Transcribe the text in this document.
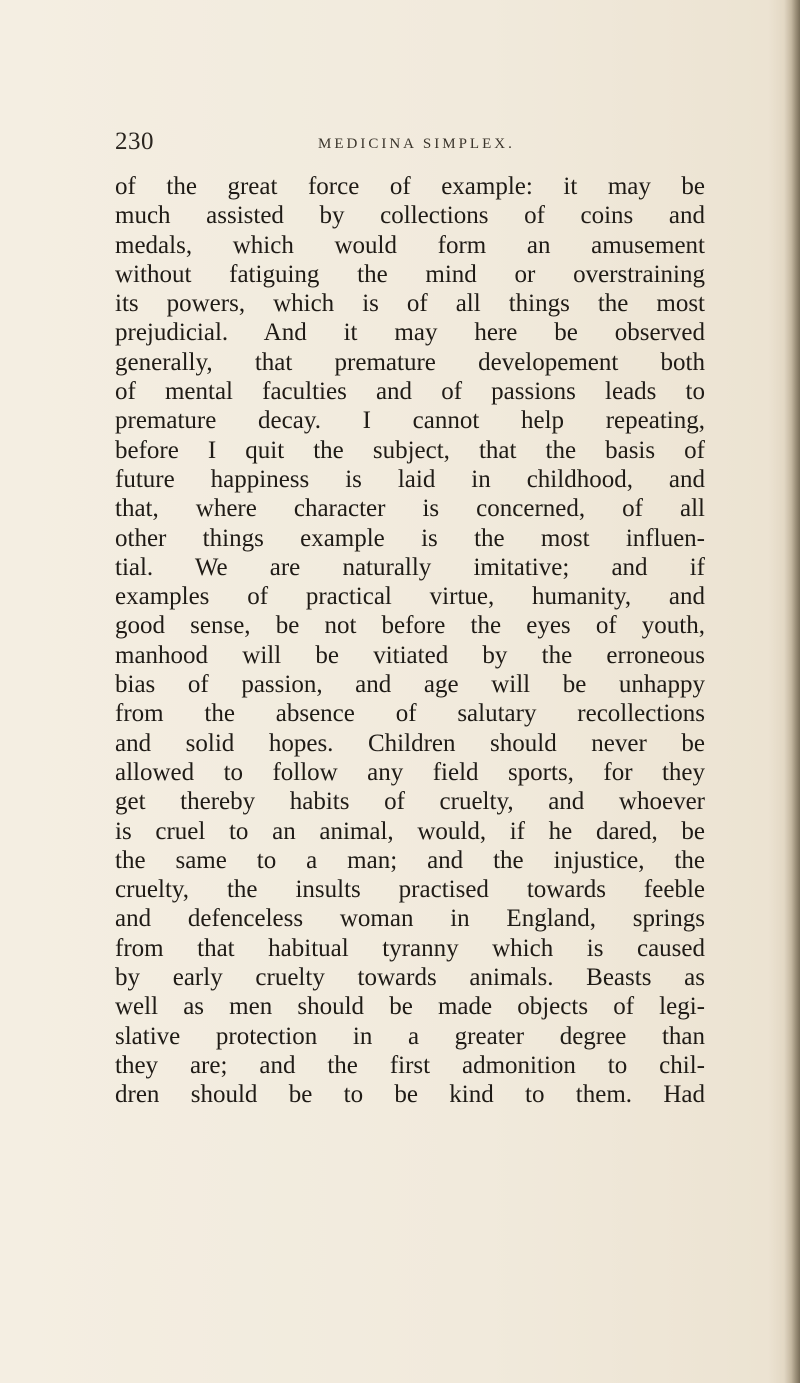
230	MEDICINA SIMPLEX.
of the great force of example: it may be
much assisted by collections of coins and
medals, which would form an amusement
without fatiguing the mind or overstraining
its powers, which is of all things the most
prejudicial. And it may here be observed
generally, that premature developement both
of mental faculties and of passions leads to
premature decay. I cannot help repeating,
before I quit the subject, that the basis of
future happiness is laid in childhood, and
that, where character is concerned, of all
other things example is the most influen-
tial. We are naturally imitative; and if
examples of practical virtue, humanity, and
good sense, be not before the eyes of youth,
manhood will be vitiated by the erroneous
bias of passion, and age will be unhappy
from the absence of salutary recollections
and solid hopes. Children should never be
allowed to follow any field sports, for they
get thereby habits of cruelty, and whoever
is cruel to an animal, would, if he dared, be
the same to a man; and the injustice, the
cruelty, the insults practised towards feeble
and defenceless woman in England, springs
from that habitual tyranny which is caused
by early cruelty towards animals. Beasts as
well as men should be made objects of legi-
slative protection in a greater degree than
they are; and the first admonition to chil-
dren should be to be kind to them. Had
